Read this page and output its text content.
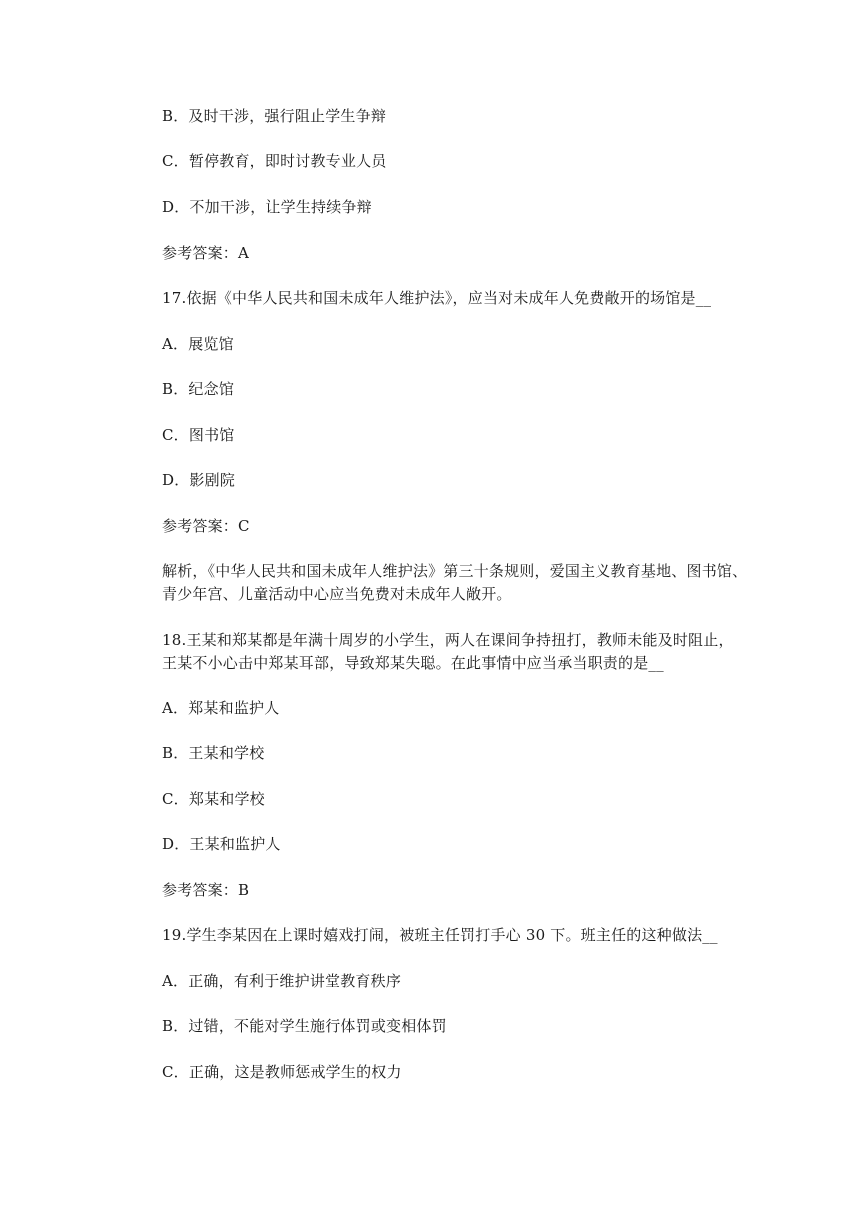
B．及时干涉，强行阻止学生争辩
C．暂停教育，即时讨教专业人员
D．不加干涉，让学生持续争辩
参考答案：A
17.依据《中华人民共和国未成年人维护法》，应当对未成年人免费敞开的场馆是__
A．展览馆
B．纪念馆
C．图书馆
D．影剧院
参考答案：C
解析，《中华人民共和国未成年人维护法》第三十条规则，爱国主义教育基地、图书馆、
青少年宫、儿童活动中心应当免费对未成年人敞开。
18.王某和郑某都是年满十周岁的小学生，两人在课间争持扭打，教师未能及时阻止，
王某不小心击中郑某耳部，导致郑某失聪。在此事情中应当承当职责的是__
A．郑某和监护人
B．王某和学校
C．郑某和学校
D．王某和监护人
参考答案：B
19.学生李某因在上课时嬉戏打闹，被班主任罚打手心 30 下。班主任的这种做法__
A．正确，有利于维护讲堂教育秩序
B．过错，不能对学生施行体罚或变相体罚
C．正确，这是教师惩戒学生的权力
